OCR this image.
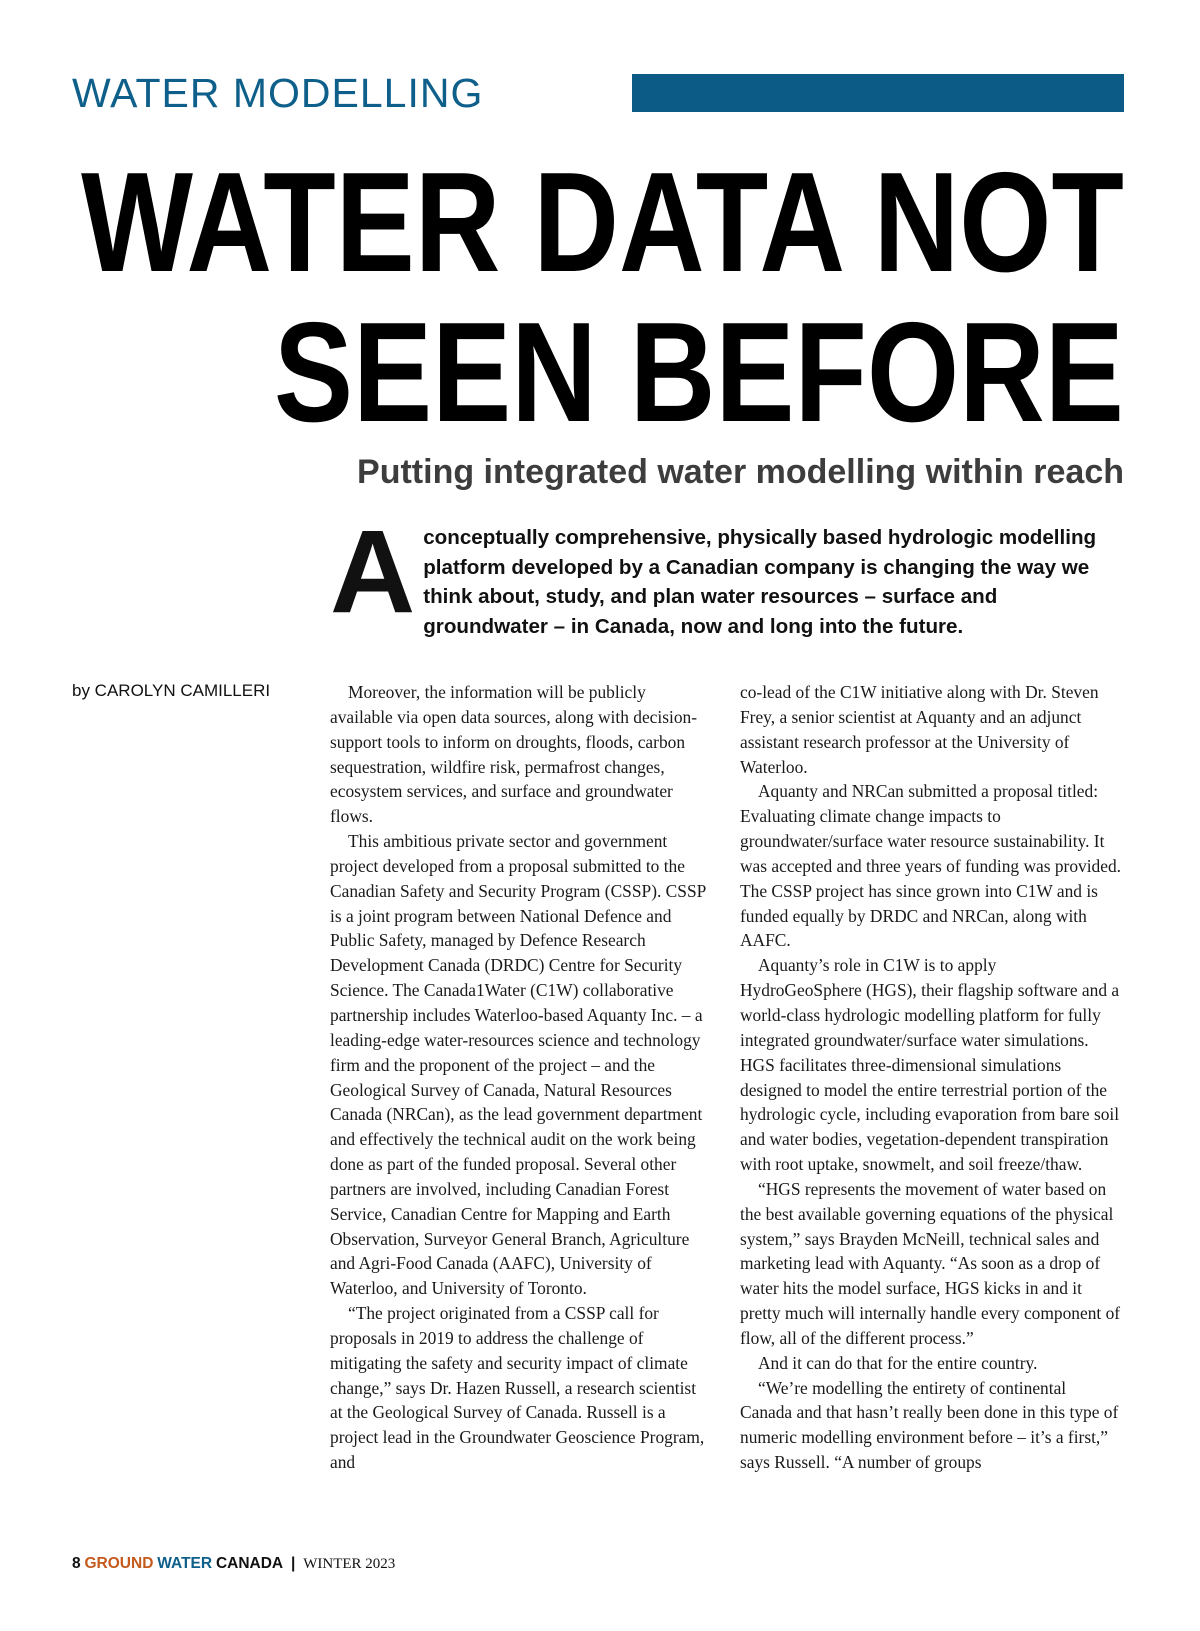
WATER MODELLING
WATER DATA NOT
SEEN BEFORE
Putting integrated water modelling within reach
A conceptually comprehensive, physically based hydrologic modelling platform developed by a Canadian company is changing the way we think about, study, and plan water resources – surface and groundwater – in Canada, now and long into the future.
by CAROLYN CAMILLERI	Moreover, the information will be publicly available via open data sources, along with decision-support tools to inform on droughts, floods, carbon sequestration, wildfire risk, permafrost changes, ecosystem services, and surface and groundwater flows.

This ambitious private sector and government project developed from a proposal submitted to the Canadian Safety and Security Program (CSSP). CSSP is a joint program between National Defence and Public Safety, managed by Defence Research Development Canada (DRDC) Centre for Security Science. The Canada1Water (C1W) collaborative partnership includes Waterloo-based Aquanty Inc. – a leading-edge water-resources science and technology firm and the proponent of the project – and the Geological Survey of Canada, Natural Resources Canada (NRCan), as the lead government department and effectively the technical audit on the work being done as part of the funded proposal. Several other partners are involved, including Canadian Forest Service, Canadian Centre for Mapping and Earth Observation, Surveyor General Branch, Agriculture and Agri-Food Canada (AAFC), University of Waterloo, and University of Toronto.

“The project originated from a CSSP call for proposals in 2019 to address the challenge of mitigating the safety and security impact of climate change,” says Dr. Hazen Russell, a research scientist at the Geological Survey of Canada. Russell is a project lead in the Groundwater Geoscience Program, and

co-lead of the C1W initiative along with Dr. Steven Frey, a senior scientist at Aquanty and an adjunct assistant research professor at the University of Waterloo.

Aquanty and NRCan submitted a proposal titled: Evaluating climate change impacts to groundwater/surface water resource sustainability. It was accepted and three years of funding was provided. The CSSP project has since grown into C1W and is funded equally by DRDC and NRCan, along with AAFC.

Aquanty’s role in C1W is to apply HydroGeoSphere (HGS), their flagship software and a world-class hydrologic modelling platform for fully integrated groundwater/surface water simulations. HGS facilitates three-dimensional simulations designed to model the entire terrestrial portion of the hydrologic cycle, including evaporation from bare soil and water bodies, vegetation-dependent transpiration with root uptake, snowmelt, and soil freeze/thaw.

“HGS represents the movement of water based on the best available governing equations of the physical system,” says Brayden McNeill, technical sales and marketing lead with Aquanty. “As soon as a drop of water hits the model surface, HGS kicks in and it pretty much will internally handle every component of flow, all of the different process.”

And it can do that for the entire country.

“We’re modelling the entirety of continental Canada and that hasn’t really been done in this type of numeric modelling environment before – it’s a first,” says Russell. “A number of groups

8 GROUND WATER CANADA | WINTER 2023
